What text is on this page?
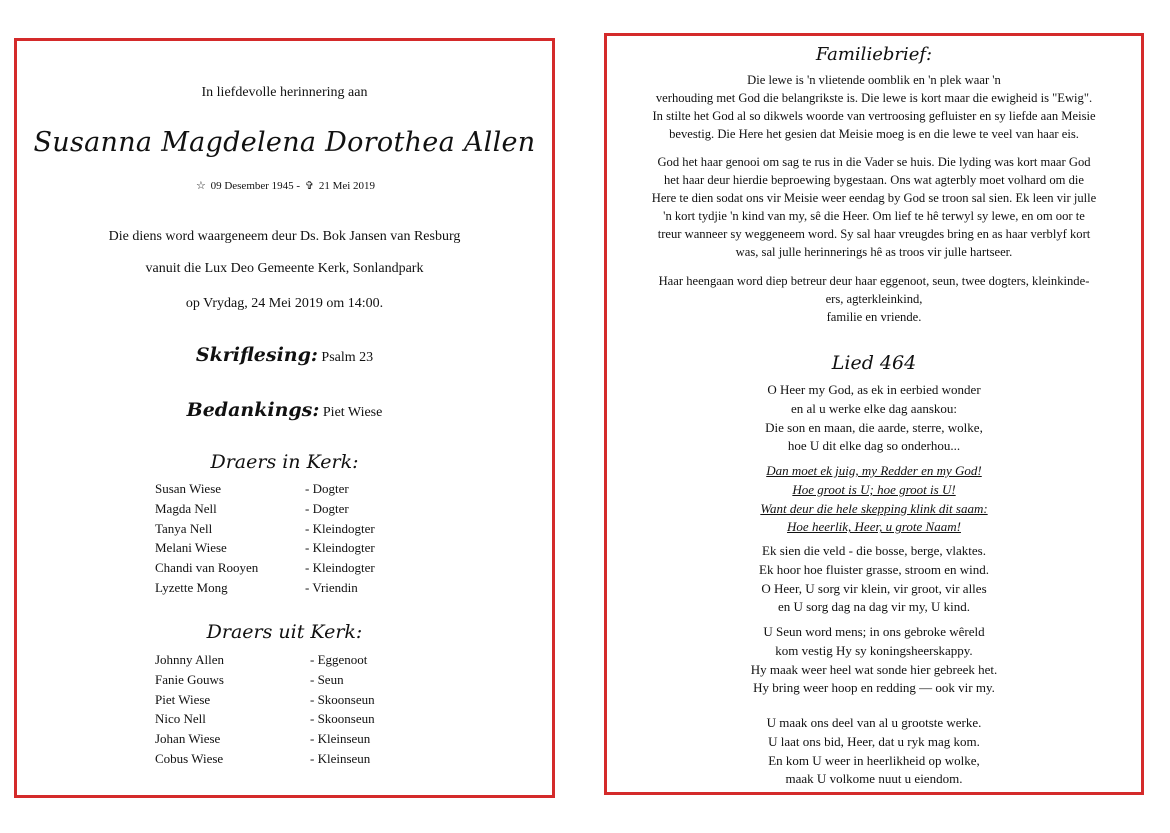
In liefdevolle herinnering aan
Susanna Magdelena Dorothea Allen
☆ 09 Desember 1945 - ✞ 21 Mei 2019
Die diens word waargeneem deur Ds. Bok Jansen van Resburg
vanuit die Lux Deo Gemeente Kerk, Sonlandpark
op Vrydag, 24 Mei 2019 om 14:00.
Skriflesing: Psalm 23
Bedankings: Piet Wiese
Draers in Kerk:
Susan Wiese	- Dogter
Magda Nell	- Dogter
Tanya Nell	- Kleindogter
Melani Wiese	- Kleindogter
Chandi van Rooyen	- Kleindogter
Lyzette Mong	- Vriendin
Draers uit Kerk:
Johnny Allen	- Eggenoot
Fanie Gouws	- Seun
Piet Wiese	- Skoonseun
Nico Nell	- Skoonseun
Johan Wiese	- Kleinseun
Cobus Wiese	- Kleinseun
Familiebrief:
Die lewe is 'n vlietende oomblik en 'n plek waar 'n
verhouding met God die belangrikste is. Die lewe is kort maar die ewigheid is "Ewig".
In stilte het God al so dikwels woorde van vertroosing gefluister en sy liefde aan Meisie
bevestig. Die Here het gesien dat Meisie moeg is en die lewe te veel van haar eis.
God het haar genooi om sag te rus in die Vader se huis. Die lyding was kort maar God
het haar deur hierdie beproewing bygestaan. Ons wat agterbly moet volhard om die
Here te dien sodat ons vir Meisie weer eendag by God se troon sal sien. Ek leen vir julle
'n kort tydjie 'n kind van my, sê die Heer. Om lief te hê terwyl sy lewe, en om oor te
treur wanneer sy weggeneem word. Sy sal haar vreugdes bring en as haar verblyf kort
was, sal julle herinnerings hê as troos vir julle hartseer.
Haar heengaan word diep betreur deur haar eggenoot, seun, twee dogters, kleinkinde-
ers, agterkleinkind,
familie en vriende.
Lied 464
O Heer my God, as ek in eerbied wonder
en al u werke elke dag aanskou:
Die son en maan, die aarde, sterre, wolke,
hoe U dit elke dag so onderhou...
Dan moet ek juig, my Redder en my God!
Hoe groot is U; hoe groot is U!
Want deur die hele skepping klink dit saam:
Hoe heerlik, Heer, u grote Naam!
Ek sien die veld - die bosse, berge, vlaktes.
Ek hoor hoe fluister grasse, stroom en wind.
O Heer, U sorg vir klein, vir groot, vir alles
en U sorg dag na dag vir my, U kind.
U Seun word mens; in ons gebroke wêreld
kom vestig Hy sy koningsheerskappy.
Hy maak weer heel wat sonde hier gebreek het.
Hy bring weer hoop en redding — ook vir my.
U maak ons deel van al u grootste werke.
U laat ons bid, Heer, dat u ryk mag kom.
En kom U weer in heerlikheid op wolke,
maak U volkome nuut u eiendom.
